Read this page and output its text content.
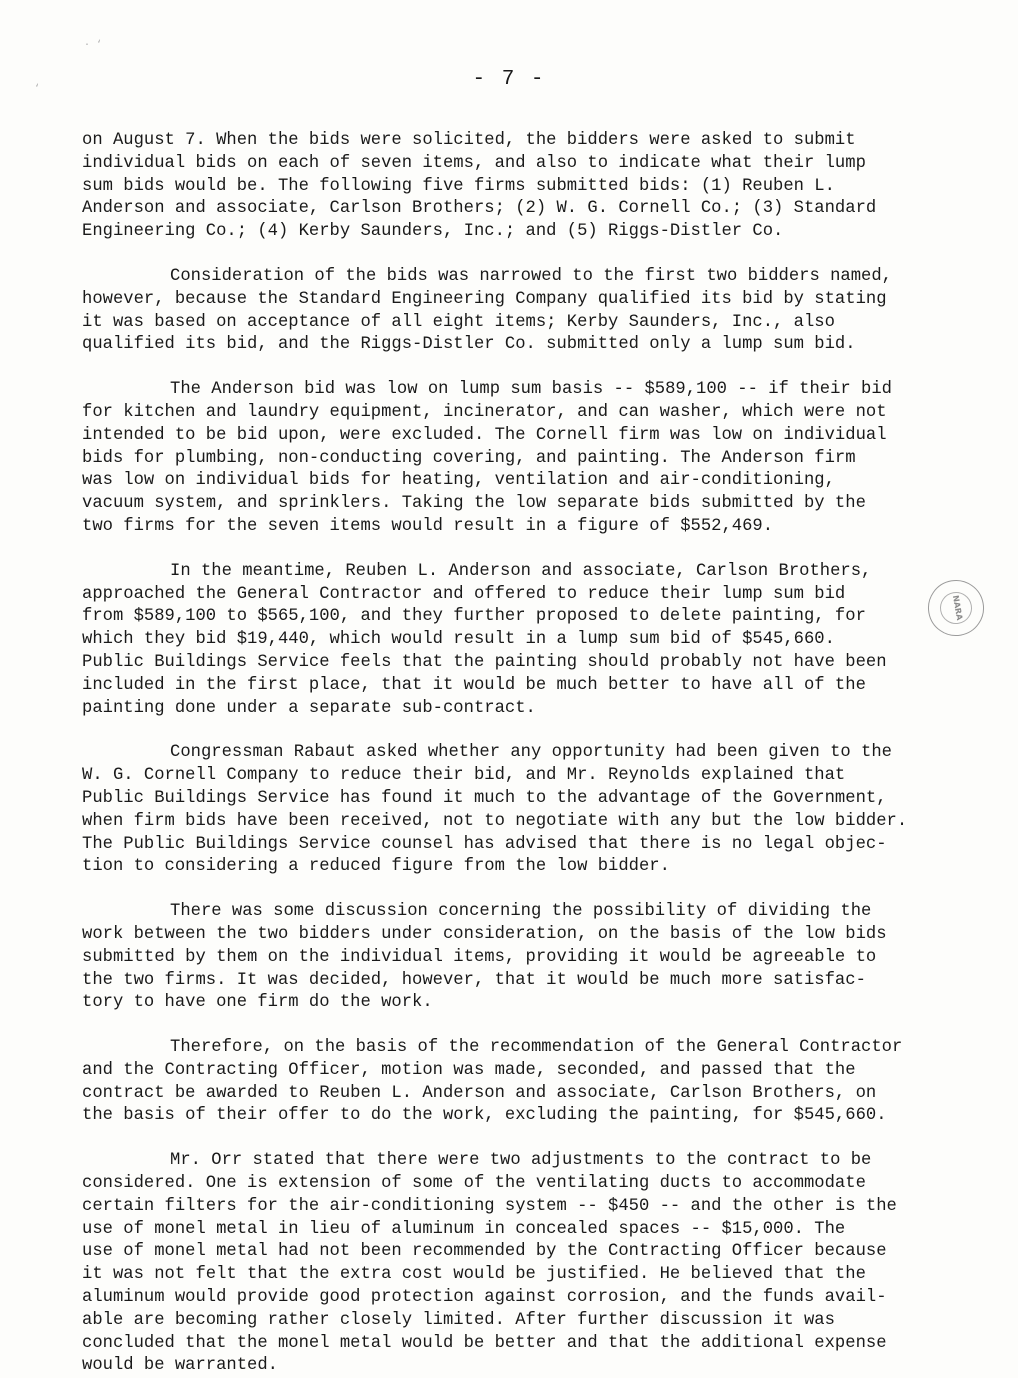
· ‘
‘	- 7 -
NARA

on August 7. When the bids were solicited, the bidders were asked to submit
individual bids on each of seven items, and also to indicate what their lump
sum bids would be. The following five firms submitted bids: (1) Reuben L.
Anderson and associate, Carlson Brothers; (2) W. G. Cornell Co.; (3) Standard
Engineering Co.; (4) Kerby Saunders, Inc.; and (5) Riggs-Distler Co.

Consideration of the bids was narrowed to the first two bidders named,
however, because the Standard Engineering Company qualified its bid by stating
it was based on acceptance of all eight items; Kerby Saunders, Inc., also
qualified its bid, and the Riggs-Distler Co. submitted only a lump sum bid.

The Anderson bid was low on lump sum basis -- $589,100 -- if their bid
for kitchen and laundry equipment, incinerator, and can washer, which were not
intended to be bid upon, were excluded. The Cornell firm was low on individual
bids for plumbing, non-conducting covering, and painting. The Anderson firm
was low on individual bids for heating, ventilation and air-conditioning,
vacuum system, and sprinklers. Taking the low separate bids submitted by the
two firms for the seven items would result in a figure of $552,469.

In the meantime, Reuben L. Anderson and associate, Carlson Brothers,
approached the General Contractor and offered to reduce their lump sum bid
from $589,100 to $565,100, and they further proposed to delete painting, for
which they bid $19,440, which would result in a lump sum bid of $545,660.
Public Buildings Service feels that the painting should probably not have been
included in the first place, that it would be much better to have all of the
painting done under a separate sub-contract.

Congressman Rabaut asked whether any opportunity had been given to the
W. G. Cornell Company to reduce their bid, and Mr. Reynolds explained that
Public Buildings Service has found it much to the advantage of the Government,
when firm bids have been received, not to negotiate with any but the low bidder.
The Public Buildings Service counsel has advised that there is no legal objec-
tion to considering a reduced figure from the low bidder.

There was some discussion concerning the possibility of dividing the
work between the two bidders under consideration, on the basis of the low bids
submitted by them on the individual items, providing it would be agreeable to
the two firms. It was decided, however, that it would be much more satisfac-
tory to have one firm do the work.

Therefore, on the basis of the recommendation of the General Contractor
and the Contracting Officer, motion was made, seconded, and passed that the
contract be awarded to Reuben L. Anderson and associate, Carlson Brothers, on
the basis of their offer to do the work, excluding the painting, for $545,660.

Mr. Orr stated that there were two adjustments to the contract to be
considered. One is extension of some of the ventilating ducts to accommodate
certain filters for the air-conditioning system -- $450 -- and the other is the
use of monel metal in lieu of aluminum in concealed spaces -- $15,000. The
use of monel metal had not been recommended by the Contracting Officer because
it was not felt that the extra cost would be justified. He believed that the
aluminum would provide good protection against corrosion, and the funds avail-
able are becoming rather closely limited. After further discussion it was
concluded that the monel metal would be better and that the additional expense
would be warranted.
